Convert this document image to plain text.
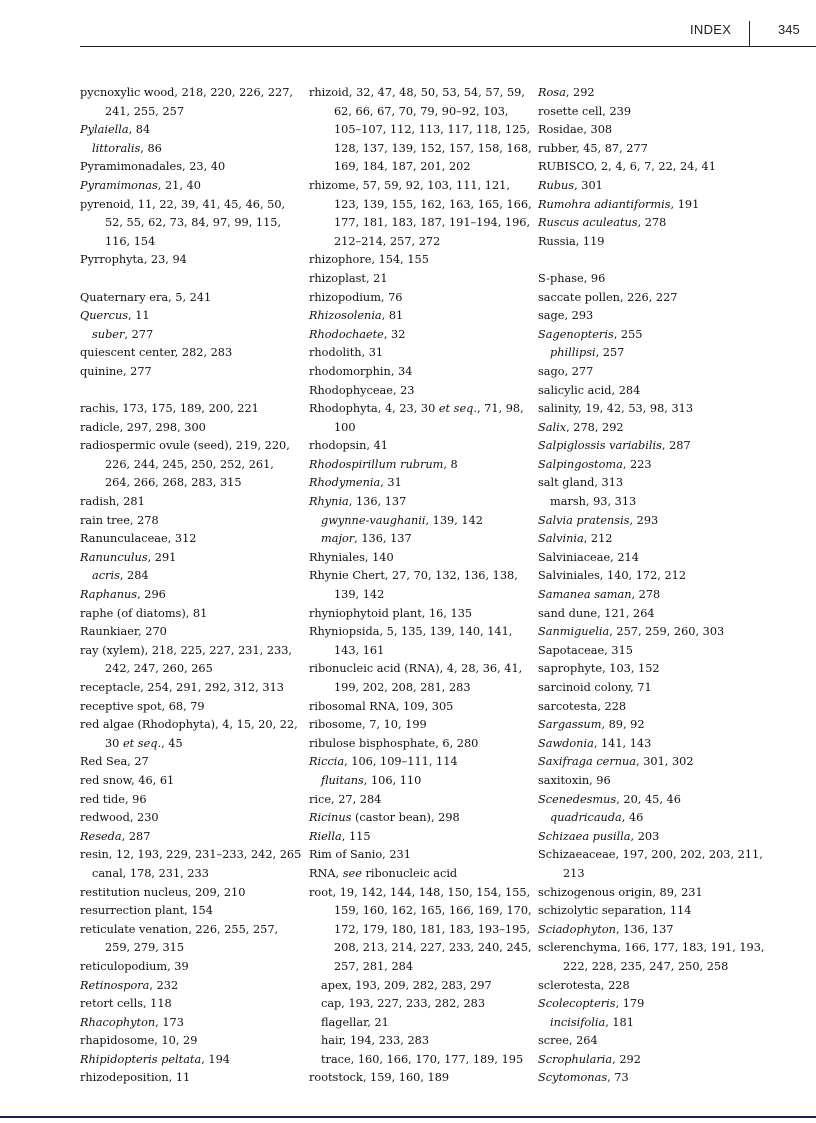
INDEX	345
pycnoxylic wood, 218, 220, 226, 227, 241, 255, 257
Pylaiella, 84
littoralis, 86
Pyramimonadales, 23, 40
Pyramimonas, 21, 40
pyrenoid, 11, 22, 39, 41, 45, 46, 50, 52, 55, 62, 73, 84, 97, 99, 115, 116, 154
Pyrrophyta, 23, 94
Quaternary era, 5, 241
Quercus, 11
suber, 277
quiescent center, 282, 283
quinine, 277
rachis, 173, 175, 189, 200, 221
radicle, 297, 298, 300
radiospermic ovule (seed), 219, 220, 226, 244, 245, 250, 252, 261, 264, 266, 268, 283, 315
radish, 281
rain tree, 278
Ranunculaceae, 312
Ranunculus, 291
acris, 284
Raphanus, 296
raphe (of diatoms), 81
Raunkiaer, 270
ray (xylem), 218, 225, 227, 231, 233, 242, 247, 260, 265
receptacle, 254, 291, 292, 312, 313
receptive spot, 68, 79
red algae (Rhodophyta), 4, 15, 20, 22, 30 et seq., 45
Red Sea, 27
red snow, 46, 61
red tide, 96
redwood, 230
Reseda, 287
resin, 12, 193, 229, 231–233, 242, 265
canal, 178, 231, 233
restitution nucleus, 209, 210
resurrection plant, 154
reticulate venation, 226, 255, 257, 259, 279, 315
reticulopodium, 39
Retinospora, 232
retort cells, 118
Rhacophyton, 173
rhapidosome, 10, 29
Rhipidopteris peltata, 194
rhizodeposition, 11
rhizoid, 32, 47, 48, 50, 53, 54, 57, 59, 62, 66, 67, 70, 79, 90–92, 103, 105–107, 112, 113, 117, 118, 125, 128, 137, 139, 152, 157, 158, 168, 169, 184, 187, 201, 202
rhizome, 57, 59, 92, 103, 111, 121, 123, 139, 155, 162, 163, 165, 166, 177, 181, 183, 187, 191–194, 196, 212–214, 257, 272
rhizophore, 154, 155
rhizoplast, 21
rhizopodium, 76
Rhizosolenia, 81
Rhodochaete, 32
rhodolith, 31
rhodomorphin, 34
Rhodophyceae, 23
Rhodophyta, 4, 23, 30 et seq., 71, 98, 100
rhodopsin, 41
Rhodospirillum rubrum, 8
Rhodymenia, 31
Rhynia, 136, 137
gwynne-vaughanii, 139, 142
major, 136, 137
Rhyniales, 140
Rhynie Chert, 27, 70, 132, 136, 138, 139, 142
rhyniophytoid plant, 16, 135
Rhyniopsida, 5, 135, 139, 140, 141, 143, 161
ribonucleic acid (RNA), 4, 28, 36, 41, 199, 202, 208, 281, 283
ribosomal RNA, 109, 305
ribosome, 7, 10, 199
ribulose bisphosphate, 6, 280
Riccia, 106, 109–111, 114
fluitans, 106, 110
rice, 27, 284
Ricinus (castor bean), 298
Riella, 115
Rim of Sanio, 231
RNA, see ribonucleic acid
root, 19, 142, 144, 148, 150, 154, 155, 159, 160, 162, 165, 166, 169, 170, 172, 179, 180, 181, 183, 193–195, 208, 213, 214, 227, 233, 240, 245, 257, 281, 284
apex, 193, 209, 282, 283, 297
cap, 193, 227, 233, 282, 283
flagellar, 21
hair, 194, 233, 283
trace, 160, 166, 170, 177, 189, 195
rootstock, 159, 160, 189
Rosa, 292
rosette cell, 239
Rosidae, 308
rubber, 45, 87, 277
RUBISCO, 2, 4, 6, 7, 22, 24, 41
Rubus, 301
Rumohra adiantiformis, 191
Ruscus aculeatus, 278
Russia, 119
S-phase, 96
saccate pollen, 226, 227
sage, 293
Sagenopteris, 255
phillipsi, 257
sago, 277
salicylic acid, 284
salinity, 19, 42, 53, 98, 313
Salix, 278, 292
Salpiglossis variabilis, 287
Salpingostoma, 223
salt gland, 313
marsh, 93, 313
Salvia pratensis, 293
Salvinia, 212
Salviniaceae, 214
Salviniales, 140, 172, 212
Samanea saman, 278
sand dune, 121, 264
Sanmiguelia, 257, 259, 260, 303
Sapotaceae, 315
saprophyte, 103, 152
sarcinoid colony, 71
sarcotesta, 228
Sargassum, 89, 92
Sawdonia, 141, 143
Saxifraga cernua, 301, 302
saxitoxin, 96
Scenedesmus, 20, 45, 46
quadricauda, 46
Schizaea pusilla, 203
Schizaeaceae, 197, 200, 202, 203, 211, 213
schizogenous origin, 89, 231
schizolytic separation, 114
Sciadophyton, 136, 137
sclerenchyma, 166, 177, 183, 191, 193, 222, 228, 235, 247, 250, 258
sclerotesta, 228
Scolecopteris, 179
incisifolia, 181
scree, 264
Scrophularia, 292
Scytomonas, 73
